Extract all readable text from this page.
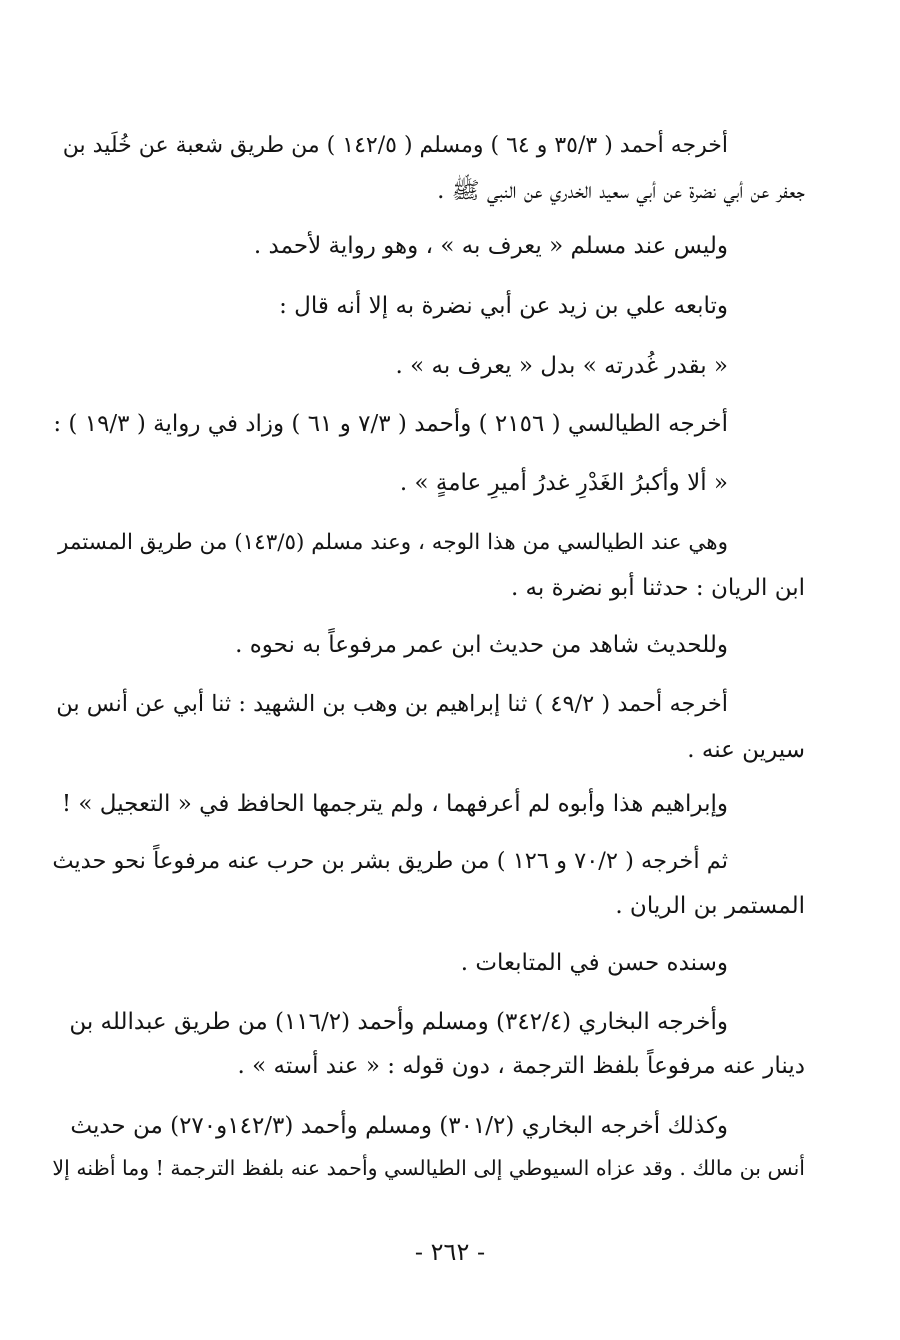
أخرجه أحمد ( ٣٥/٣ و ٦٤ ) ومسلم ( ١٤٢/٥ ) من طريق شعبة عن خُلَيد بن

جعفر عن أبي نضرة عن أبي سعيد الخدري عن النبي ﷺ .

وليس عند مسلم « يعرف به » ، وهو رواية لأحمد .

وتابعه علي بن زيد عن أبي نضرة به إلا أنه قال :

« بقدر غُدرته » بدل « يعرف به » .

أخرجه الطيالسي ( ٢١٥٦ ) وأحمد ( ٧/٣ و ٦١ ) وزاد في رواية ( ١٩/٣ ) :

« ألا وأكبرُ الغَدْرِ غدرُ أميرِ عامةٍ » .

وهي عند الطيالسي من هذا الوجه ، وعند مسلم (١٤٣/٥) من طريق المستمر

ابن الريان : حدثنا أبو نضرة به .

وللحديث شاهد من حديث ابن عمر مرفوعاً به نحوه .

أخرجه أحمد ( ٤٩/٢ ) ثنا إبراهيم بن وهب بن الشهيد : ثنا أبي عن أنس بن

سيرين عنه .

وإبراهيم هذا وأبوه لم أعرفهما ، ولم يترجمها الحافظ في « التعجيل » !

ثم أخرجه ( ٧٠/٢ و ١٢٦ ) من طريق بشر بن حرب عنه مرفوعاً نحو حديث

المستمر بن الريان .

وسنده حسن في المتابعات .

وأخرجه البخاري (٣٤٢/٤) ومسلم وأحمد (١١٦/٢) من طريق عبدالله بن

دينار عنه مرفوعاً بلفظ الترجمة ، دون قوله : « عند أسته » .

وكذلك أخرجه البخاري (٣٠١/٢) ومسلم وأحمد (١٤٢/٣و٢٧٠) من حديث

أنس بن مالك . وقد عزاه السيوطي إلى الطيالسي وأحمد عنه بلفظ الترجمة ! وما أظنه إلا

- ٢٦٢ -
